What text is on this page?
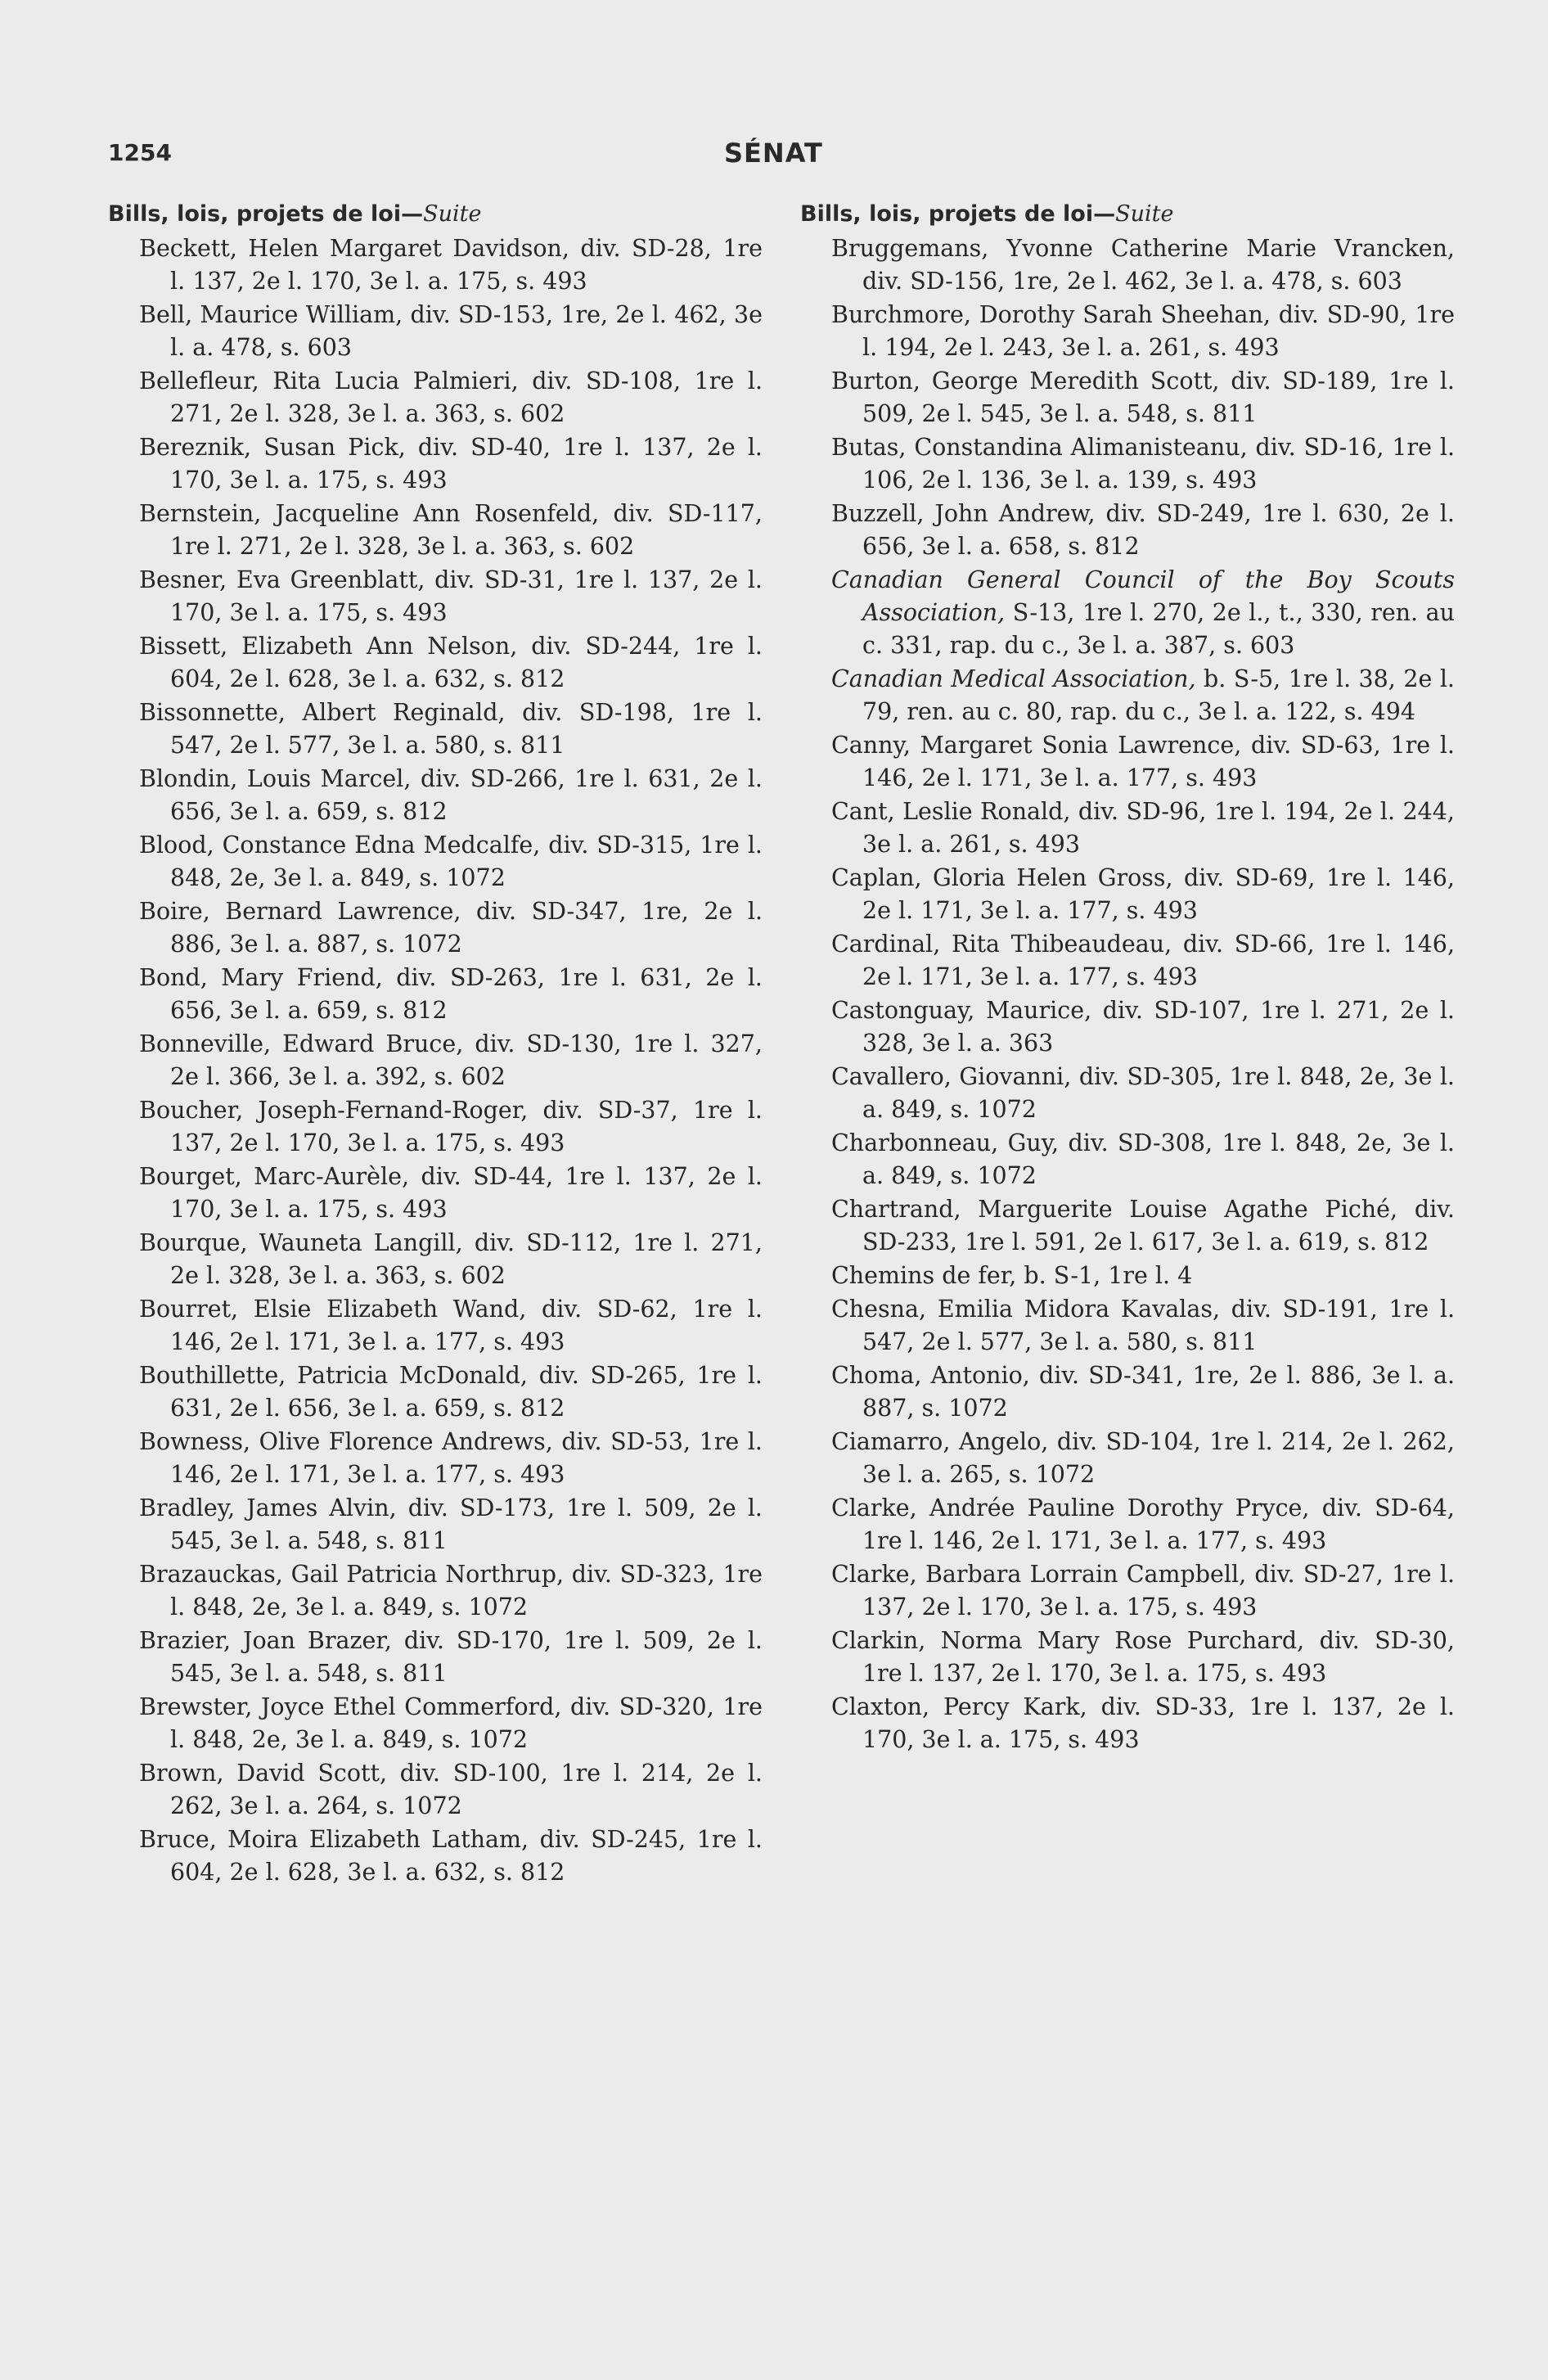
1254	SÉNAT
Bills, lois, projets de loi—Suite
Beckett, Helen Margaret Davidson, div. SD-28, 1re l. 137, 2e l. 170, 3e l. a. 175, s. 493
Bell, Maurice William, div. SD-153, 1re, 2e l. 462, 3e l. a. 478, s. 603
Bellefleur, Rita Lucia Palmieri, div. SD-108, 1re l. 271, 2e l. 328, 3e l. a. 363, s. 602
Bereznik, Susan Pick, div. SD-40, 1re l. 137, 2e l. 170, 3e l. a. 175, s. 493
Bernstein, Jacqueline Ann Rosenfeld, div. SD-117, 1re l. 271, 2e l. 328, 3e l. a. 363, s. 602
Besner, Eva Greenblatt, div. SD-31, 1re l. 137, 2e l. 170, 3e l. a. 175, s. 493
Bissett, Elizabeth Ann Nelson, div. SD-244, 1re l. 604, 2e l. 628, 3e l. a. 632, s. 812
Bissonnette, Albert Reginald, div. SD-198, 1re l. 547, 2e l. 577, 3e l. a. 580, s. 811
Blondin, Louis Marcel, div. SD-266, 1re l. 631, 2e l. 656, 3e l. a. 659, s. 812
Blood, Constance Edna Medcalfe, div. SD-315, 1re l. 848, 2e, 3e l. a. 849, s. 1072
Boire, Bernard Lawrence, div. SD-347, 1re, 2e l. 886, 3e l. a. 887, s. 1072
Bond, Mary Friend, div. SD-263, 1re l. 631, 2e l. 656, 3e l. a. 659, s. 812
Bonneville, Edward Bruce, div. SD-130, 1re l. 327, 2e l. 366, 3e l. a. 392, s. 602
Boucher, Joseph-Fernand-Roger, div. SD-37, 1re l. 137, 2e l. 170, 3e l. a. 175, s. 493
Bourget, Marc-Aurèle, div. SD-44, 1re l. 137, 2e l. 170, 3e l. a. 175, s. 493
Bourque, Wauneta Langill, div. SD-112, 1re l. 271, 2e l. 328, 3e l. a. 363, s. 602
Bourret, Elsie Elizabeth Wand, div. SD-62, 1re l. 146, 2e l. 171, 3e l. a. 177, s. 493
Bouthillette, Patricia McDonald, div. SD-265, 1re l. 631, 2e l. 656, 3e l. a. 659, s. 812
Bowness, Olive Florence Andrews, div. SD-53, 1re l. 146, 2e l. 171, 3e l. a. 177, s. 493
Bradley, James Alvin, div. SD-173, 1re l. 509, 2e l. 545, 3e l. a. 548, s. 811
Brazauckas, Gail Patricia Northrup, div. SD-323, 1re l. 848, 2e, 3e l. a. 849, s. 1072
Brazier, Joan Brazer, div. SD-170, 1re l. 509, 2e l. 545, 3e l. a. 548, s. 811
Brewster, Joyce Ethel Commerford, div. SD-320, 1re l. 848, 2e, 3e l. a. 849, s. 1072
Brown, David Scott, div. SD-100, 1re l. 214, 2e l. 262, 3e l. a. 264, s. 1072
Bruce, Moira Elizabeth Latham, div. SD-245, 1re l. 604, 2e l. 628, 3e l. a. 632, s. 812
Bills, lois, projets de loi—Suite
Bruggemans, Yvonne Catherine Marie Vrancken, div. SD-156, 1re, 2e l. 462, 3e l. a. 478, s. 603
Burchmore, Dorothy Sarah Sheehan, div. SD-90, 1re l. 194, 2e l. 243, 3e l. a. 261, s. 493
Burton, George Meredith Scott, div. SD-189, 1re l. 509, 2e l. 545, 3e l. a. 548, s. 811
Butas, Constandina Alimanisteanu, div. SD-16, 1re l. 106, 2e l. 136, 3e l. a. 139, s. 493
Buzzell, John Andrew, div. SD-249, 1re l. 630, 2e l. 656, 3e l. a. 658, s. 812
Canadian General Council of the Boy Scouts Association, S-13, 1re l. 270, 2e l., t., 330, ren. au c. 331, rap. du c., 3e l. a. 387, s. 603
Canadian Medical Association, b. S-5, 1re l. 38, 2e l. 79, ren. au c. 80, rap. du c., 3e l. a. 122, s. 494
Canny, Margaret Sonia Lawrence, div. SD-63, 1re l. 146, 2e l. 171, 3e l. a. 177, s. 493
Cant, Leslie Ronald, div. SD-96, 1re l. 194, 2e l. 244, 3e l. a. 261, s. 493
Caplan, Gloria Helen Gross, div. SD-69, 1re l. 146, 2e l. 171, 3e l. a. 177, s. 493
Cardinal, Rita Thibeaudeau, div. SD-66, 1re l. 146, 2e l. 171, 3e l. a. 177, s. 493
Castonguay, Maurice, div. SD-107, 1re l. 271, 2e l. 328, 3e l. a. 363
Cavallero, Giovanni, div. SD-305, 1re l. 848, 2e, 3e l. a. 849, s. 1072
Charbonneau, Guy, div. SD-308, 1re l. 848, 2e, 3e l. a. 849, s. 1072
Chartrand, Marguerite Louise Agathe Piché, div. SD-233, 1re l. 591, 2e l. 617, 3e l. a. 619, s. 812
Chemins de fer, b. S-1, 1re l. 4
Chesna, Emilia Midora Kavalas, div. SD-191, 1re l. 547, 2e l. 577, 3e l. a. 580, s. 811
Choma, Antonio, div. SD-341, 1re, 2e l. 886, 3e l. a. 887, s. 1072
Ciamarro, Angelo, div. SD-104, 1re l. 214, 2e l. 262, 3e l. a. 265, s. 1072
Clarke, Andrée Pauline Dorothy Pryce, div. SD-64, 1re l. 146, 2e l. 171, 3e l. a. 177, s. 493
Clarke, Barbara Lorrain Campbell, div. SD-27, 1re l. 137, 2e l. 170, 3e l. a. 175, s. 493
Clarkin, Norma Mary Rose Purchard, div. SD-30, 1re l. 137, 2e l. 170, 3e l. a. 175, s. 493
Claxton, Percy Kark, div. SD-33, 1re l. 137, 2e l. 170, 3e l. a. 175, s. 493
